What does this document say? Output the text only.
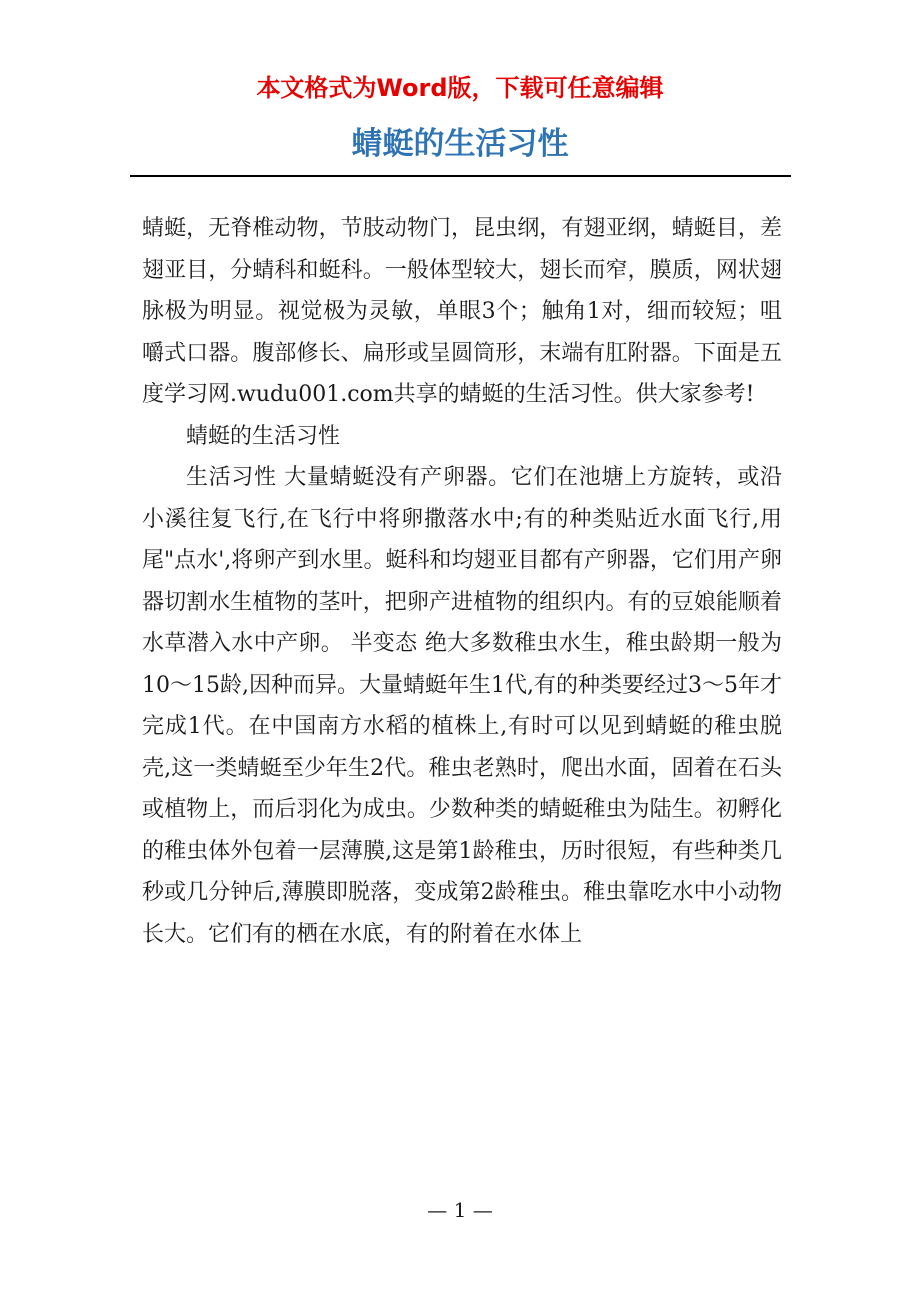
本文格式为Word版，下载可任意编辑
蜻蜓的生活习性

蜻蜓，无脊椎动物，节肢动物门，昆虫纲，有翅亚纲，蜻蜓目，差翅亚目，分蜻科和蜓科。一般体型较大，翅长而窄，膜质，网状翅脉极为明显。视觉极为灵敏，单眼3个；触角1对，细而较短；咀嚼式口器。腹部修长、扁形或呈圆筒形，末端有肛附器。下面是五度学习网.wudu001.com共享的蜻蜓的生活习性。供大家参考!

蜻蜓的生活习性

生活习性 大量蜻蜓没有产卵器。它们在池塘上方旋转，或沿小溪往复飞行,在飞行中将卵撒落水中;有的种类贴近水面飞行,用尾"点水',将卵产到水里。蜓科和均翅亚目都有产卵器，它们用产卵器切割水生植物的茎叶，把卵产进植物的组织内。有的豆娘能顺着水草潜入水中产卵。 半变态 绝大多数稚虫水生，稚虫龄期一般为10～15龄,因种而异。大量蜻蜓年生1代,有的种类要经过3～5年才完成1代。在中国南方水稻的植株上,有时可以见到蜻蜓的稚虫脱壳,这一类蜻蜓至少年生2代。稚虫老熟时，爬出水面，固着在石头或植物上，而后羽化为成虫。少数种类的蜻蜓稚虫为陆生。初孵化的稚虫体外包着一层薄膜,这是第1龄稚虫，历时很短，有些种类几秒或几分钟后,薄膜即脱落，变成第2龄稚虫。稚虫靠吃水中小动物长大。它们有的栖在水底，有的附着在水体上

— 1 —
